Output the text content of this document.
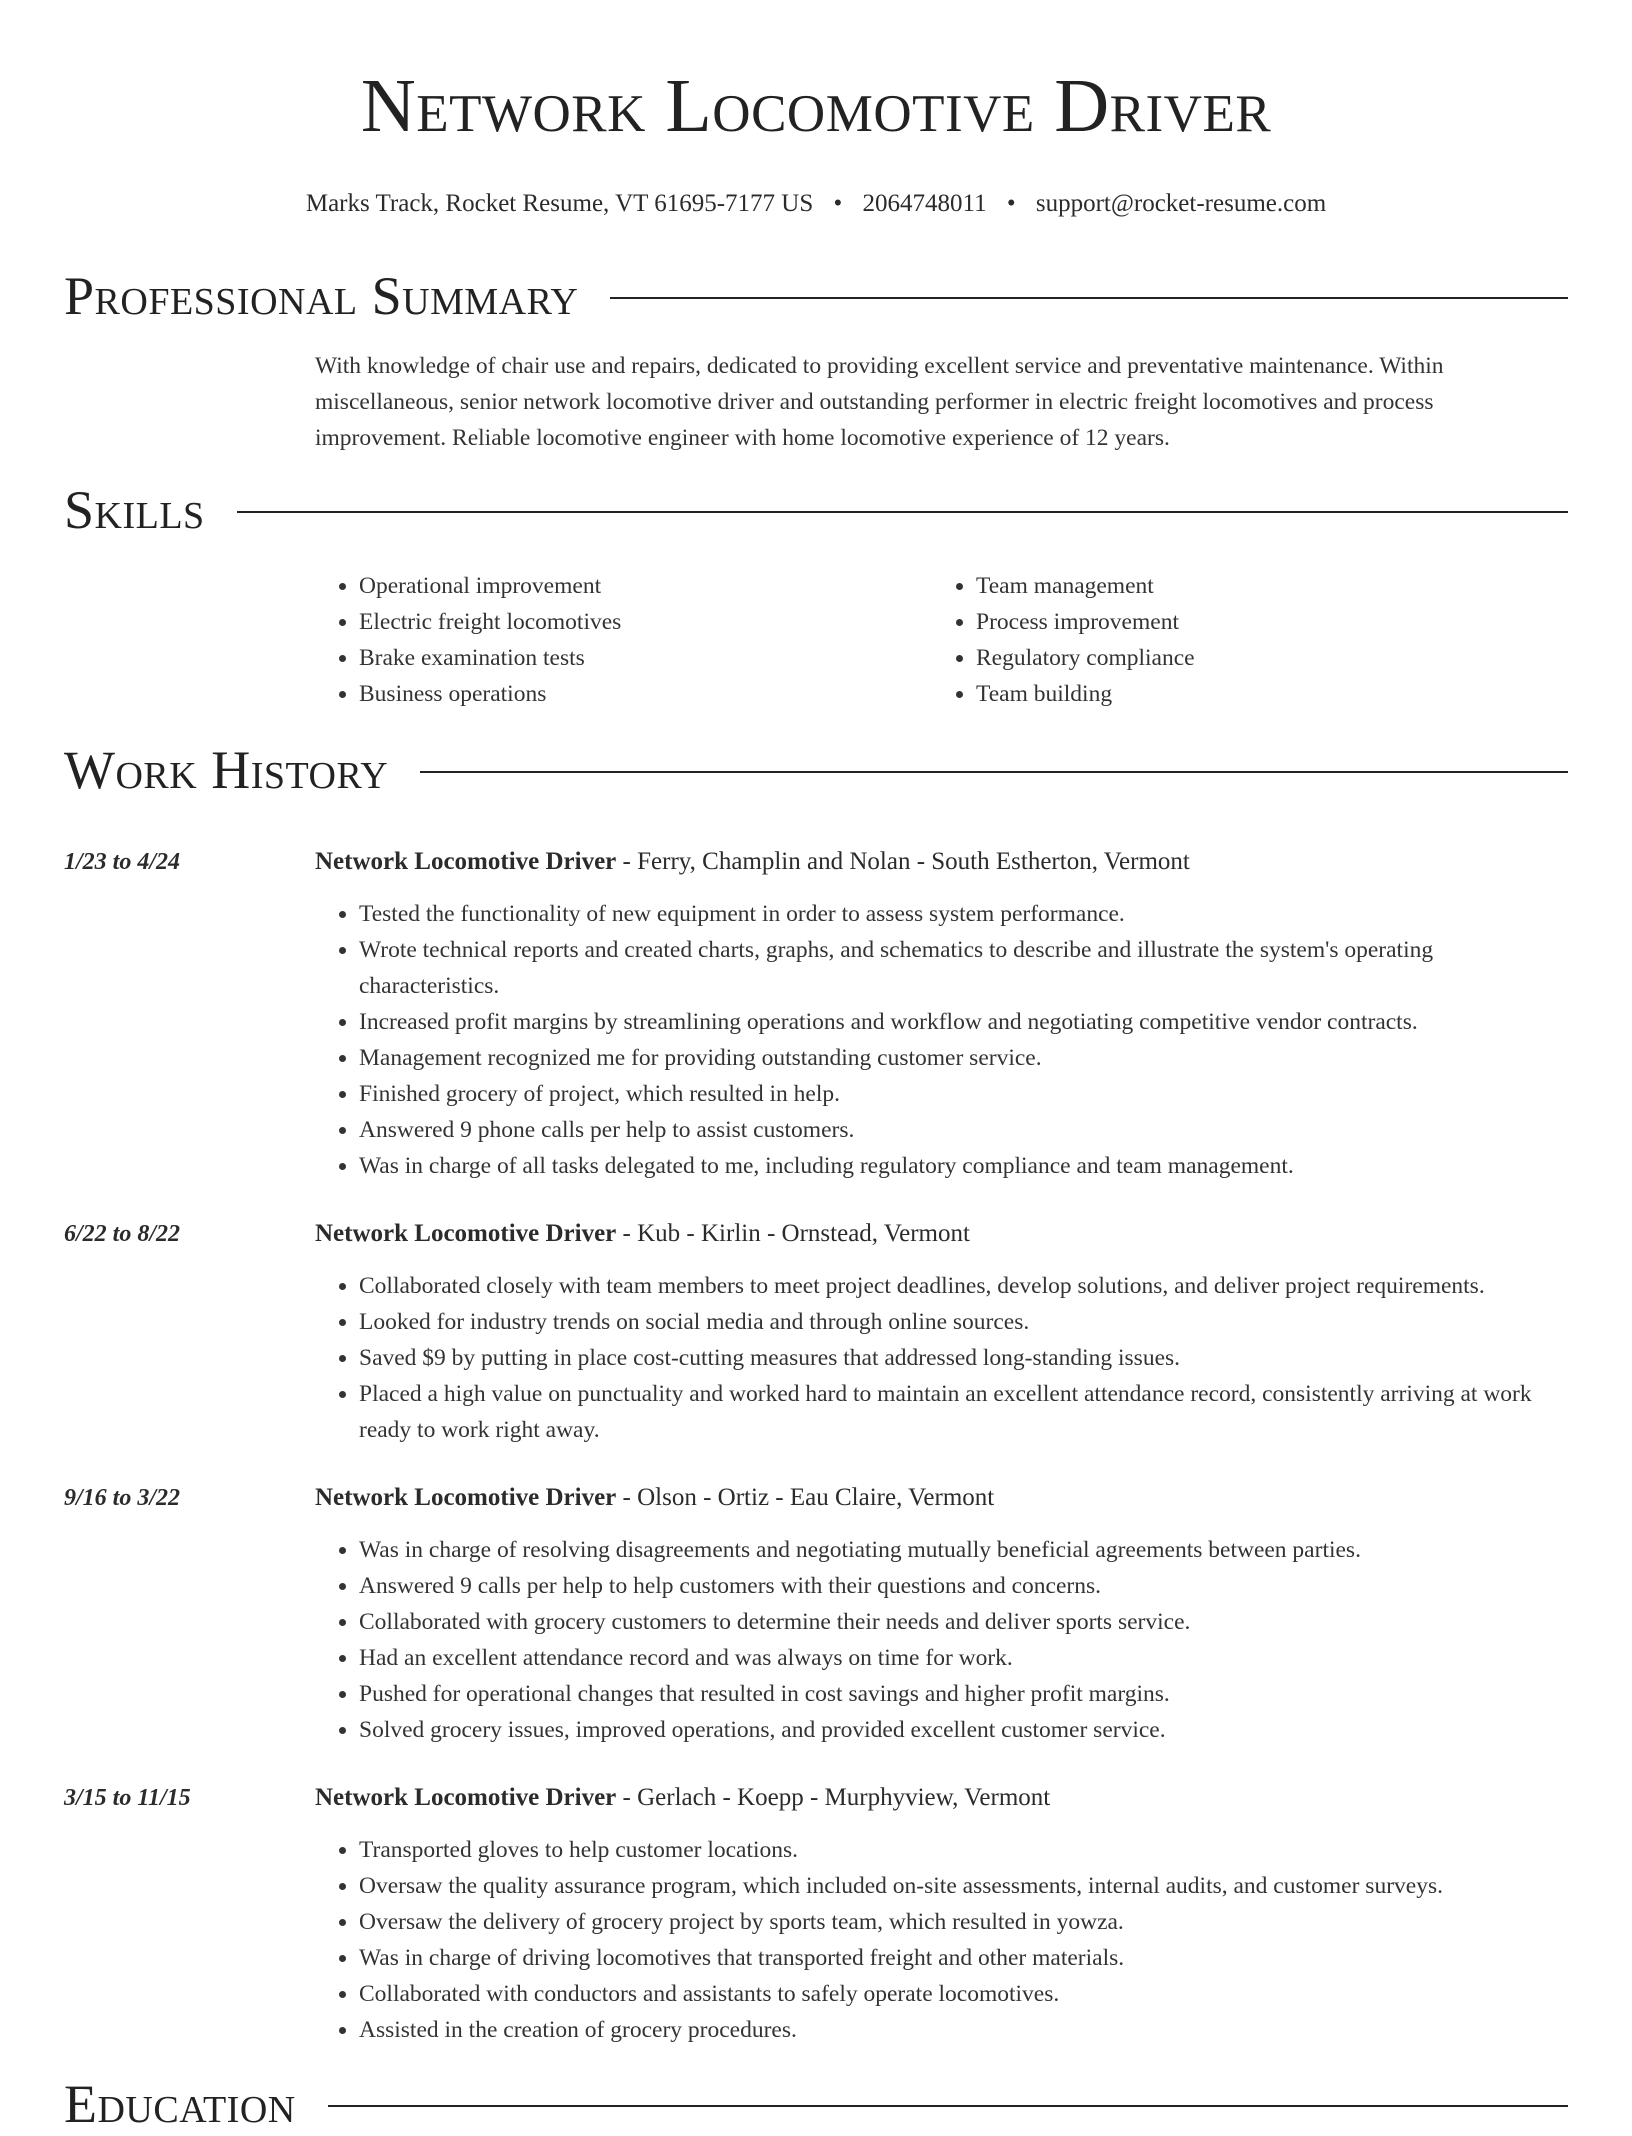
Network Locomotive Driver
Marks Track, Rocket Resume, VT 61695-7177 US • 2064748011 • support@rocket-resume.com
Professional Summary
With knowledge of chair use and repairs, dedicated to providing excellent service and preventative maintenance. Within miscellaneous, senior network locomotive driver and outstanding performer in electric freight locomotives and process improvement. Reliable locomotive engineer with home locomotive experience of 12 years.
Skills
• Operational improvement
• Electric freight locomotives
• Brake examination tests
• Business operations
• Team management
• Process improvement
• Regulatory compliance
• Team building
Work History
1/23 to 4/24	Network Locomotive Driver - Ferry, Champlin and Nolan - South Estherton, Vermont
• Tested the functionality of new equipment in order to assess system performance.
• Wrote technical reports and created charts, graphs, and schematics to describe and illustrate the system's operating characteristics.
• Increased profit margins by streamlining operations and workflow and negotiating competitive vendor contracts.
• Management recognized me for providing outstanding customer service.
• Finished grocery of project, which resulted in help.
• Answered 9 phone calls per help to assist customers.
• Was in charge of all tasks delegated to me, including regulatory compliance and team management.
6/22 to 8/22	Network Locomotive Driver - Kub - Kirlin - Ornstead, Vermont
• Collaborated closely with team members to meet project deadlines, develop solutions, and deliver project requirements.
• Looked for industry trends on social media and through online sources.
• Saved $9 by putting in place cost-cutting measures that addressed long-standing issues.
• Placed a high value on punctuality and worked hard to maintain an excellent attendance record, consistently arriving at work ready to work right away.
9/16 to 3/22	Network Locomotive Driver - Olson - Ortiz - Eau Claire, Vermont
• Was in charge of resolving disagreements and negotiating mutually beneficial agreements between parties.
• Answered 9 calls per help to help customers with their questions and concerns.
• Collaborated with grocery customers to determine their needs and deliver sports service.
• Had an excellent attendance record and was always on time for work.
• Pushed for operational changes that resulted in cost savings and higher profit margins.
• Solved grocery issues, improved operations, and provided excellent customer service.
3/15 to 11/15	Network Locomotive Driver - Gerlach - Koepp - Murphyview, Vermont
• Transported gloves to help customer locations.
• Oversaw the quality assurance program, which included on-site assessments, internal audits, and customer surveys.
• Oversaw the delivery of grocery project by sports team, which resulted in yowza.
• Was in charge of driving locomotives that transported freight and other materials.
• Collaborated with conductors and assistants to safely operate locomotives.
• Assisted in the creation of grocery procedures.
Education
